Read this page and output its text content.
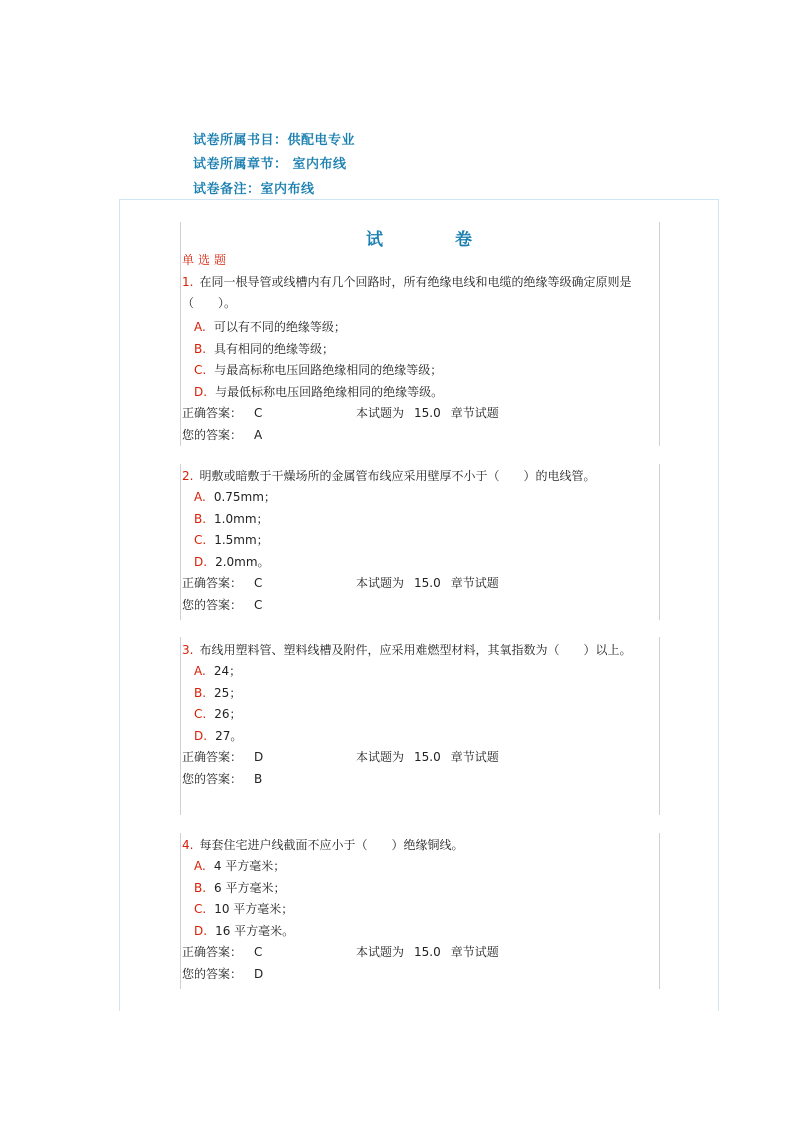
试卷所属书目：供配电专业
试卷所属章节： 室内布线
试卷备注：室内布线
试	卷
单选题
1. 在同一根导管或线槽内有几个回路时，所有绝缘电线和电缆的绝缘等级确定原则是（　　）。
A. 可以有不同的绝缘等级；
B. 具有相同的绝缘等级；
C. 与最高标称电压回路绝缘相同的绝缘等级；
D. 与最低标称电压回路绝缘相同的绝缘等级。
正确答案： C	本试题为 15.0 章节试题
您的答案： A
2. 明敷或暗敷于干燥场所的金属管布线应采用壁厚不小于（　　）的电线管。
A. 0.75mm；
B. 1.0mm；
C. 1.5mm；
D. 2.0mm。
正确答案： C	本试题为 15.0 章节试题
您的答案： C
3. 布线用塑料管、塑料线槽及附件，应采用难燃型材料，其氧指数为（　　）以上。
A. 24；
B. 25；
C. 26；
D. 27。
正确答案： D	本试题为 15.0 章节试题
您的答案： B
4. 每套住宅进户线截面不应小于（　　）绝缘铜线。
A. 4 平方毫米；
B. 6 平方毫米；
C. 10 平方毫米；
D. 16 平方毫米。
正确答案： C	本试题为 15.0 章节试题
您的答案： D
